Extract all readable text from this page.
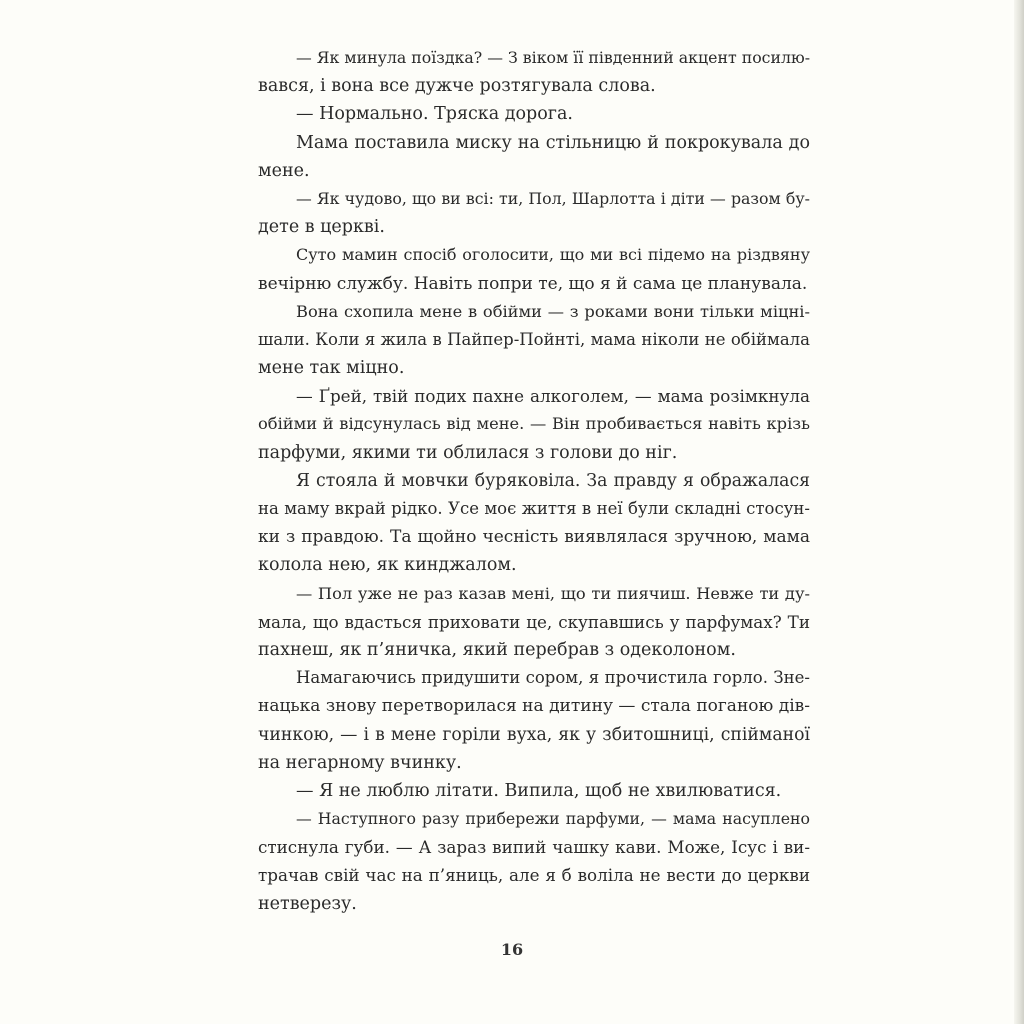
— Як минула поїздка? — З віком її південний акцент посилю-
вався, і вона все дужче розтягувала слова.
— Нормально. Тряска дорога.
Мама поставила миску на стільницю й покрокувала до
мене.
— Як чудово, що ви всі: ти, Пол, Шарлотта і діти — разом бу-
дете в церкві.
Суто мамин спосіб оголосити, що ми всі підемо на різдвяну
вечірню службу. Навіть попри те, що я й сама це планувала.
Вона схопила мене в обійми — з роками вони тільки міцні-
шали. Коли я жила в Пайпер-Пойнті, мама ніколи не обіймала
мене так міцно.
— Ґрей, твій подих пахне алкоголем, — мама розімкнула
обійми й відсунулась від мене. — Він пробивається навіть крізь
парфуми, якими ти облилася з голови до ніг.
Я стояла й мовчки буряковіла. За правду я ображалася
на маму вкрай рідко. Усе моє життя в неї були складні стосун-
ки з правдою. Та щойно чесність виявлялася зручною, мама
колола нею, як кинджалом.
— Пол уже не раз казав мені, що ти пиячиш. Невже ти ду-
мала, що вдасться приховати це, скупавшись у парфумах? Ти
пахнеш, як п’яничка, який перебрав з одеколоном.
Намагаючись придушити сором, я прочистила горло. Зне-
нацька знову перетворилася на дитину — стала поганою дів-
чинкою, — і в мене горіли вуха, як у збитошниці, спійманої
на негарному вчинку.
— Я не люблю літати. Випила, щоб не хвилюватися.
— Наступного разу прибережи парфуми, — мама насуплено
стиснула губи. — А зараз випий чашку кави. Може, Ісус і ви-
трачав свій час на п’яниць, але я б воліла не вести до церкви
нетверезу.
16
